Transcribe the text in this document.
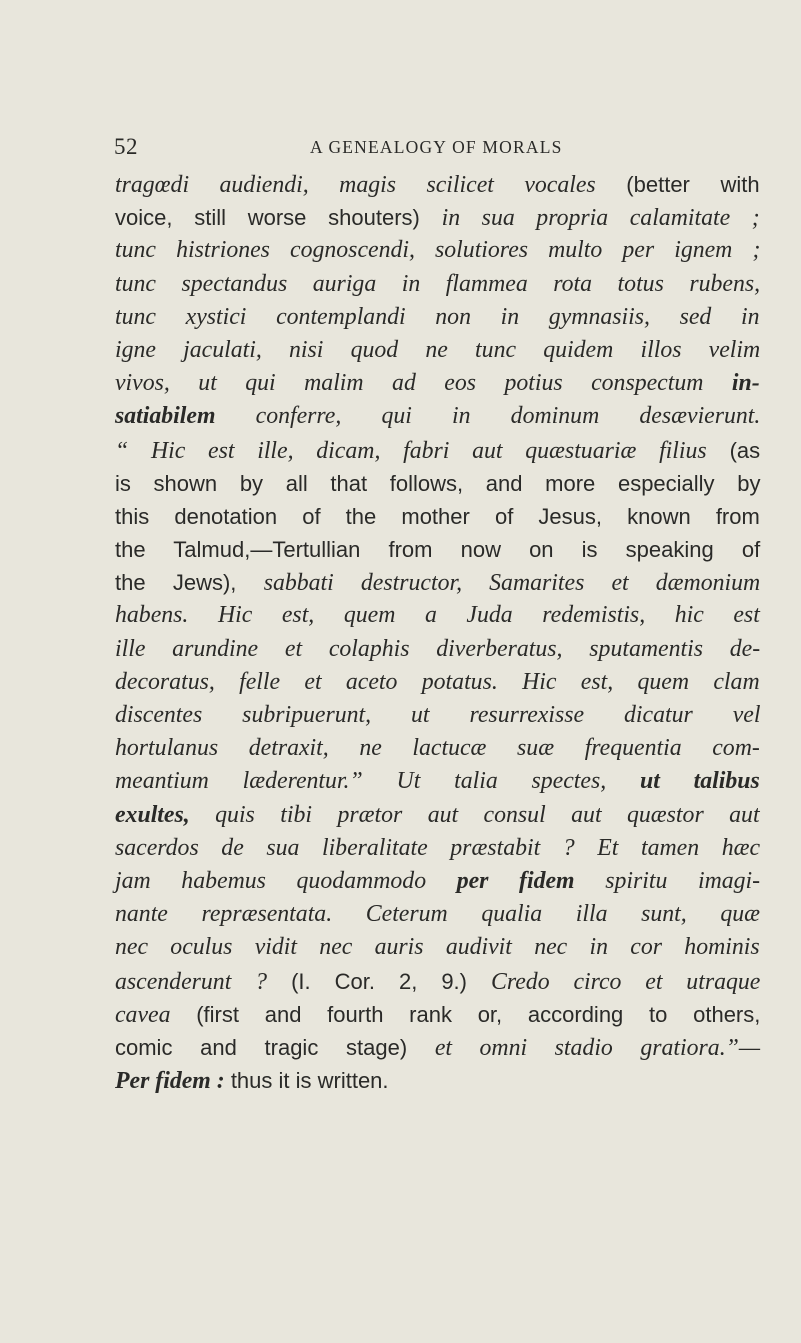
52	A GENEALOGY OF MORALS
tragœdi audiendi, magis scilicet vocales (better with
voice, still worse shouters) in sua propria calamitate ;
tunc histriones cognoscendi, solutiores multo per ignem ;
tunc spectandus auriga in flammea rota totus rubens,
tunc xystici contemplandi non in gymnasiis, sed in
igne jaculati, nisi quod ne tunc quidem illos velim
vivos, ut qui malim ad eos potius conspectum in-
satiabilem conferre, qui in dominum desævierunt.
“ Hic est ille, dicam, fabri aut quæstuariæ filius (as
is shown by all that follows, and more especially by
this denotation of the mother of Jesus, known from
the Talmud,—Tertullian from now on is speaking of
the Jews), sabbati destructor, Samarites et dæmonium
habens. Hic est, quem a Juda redemistis, hic est
ille arundine et colaphis diverberatus, sputamentis de-
decoratus, felle et aceto potatus. Hic est, quem clam
discentes subripuerunt, ut resurrexisse dicatur vel
hortulanus detraxit, ne lactucæ suæ frequentia com-
meantium læderentur.” Ut talia spectes, ut talibus
exultes, quis tibi prætor aut consul aut quæstor aut
sacerdos de sua liberalitate præstabit ? Et tamen hæc
jam habemus quodammodo per fidem spiritu imagi-
nante repræsentata. Ceterum qualia illa sunt, quæ
nec oculus vidit nec auris audivit nec in cor hominis
ascenderunt ? (I. Cor. 2, 9.) Credo circo et utraque
cavea (first and fourth rank or, according to others,
comic and tragic stage) et omni stadio gratiora.”—
Per fidem : thus it is written.
